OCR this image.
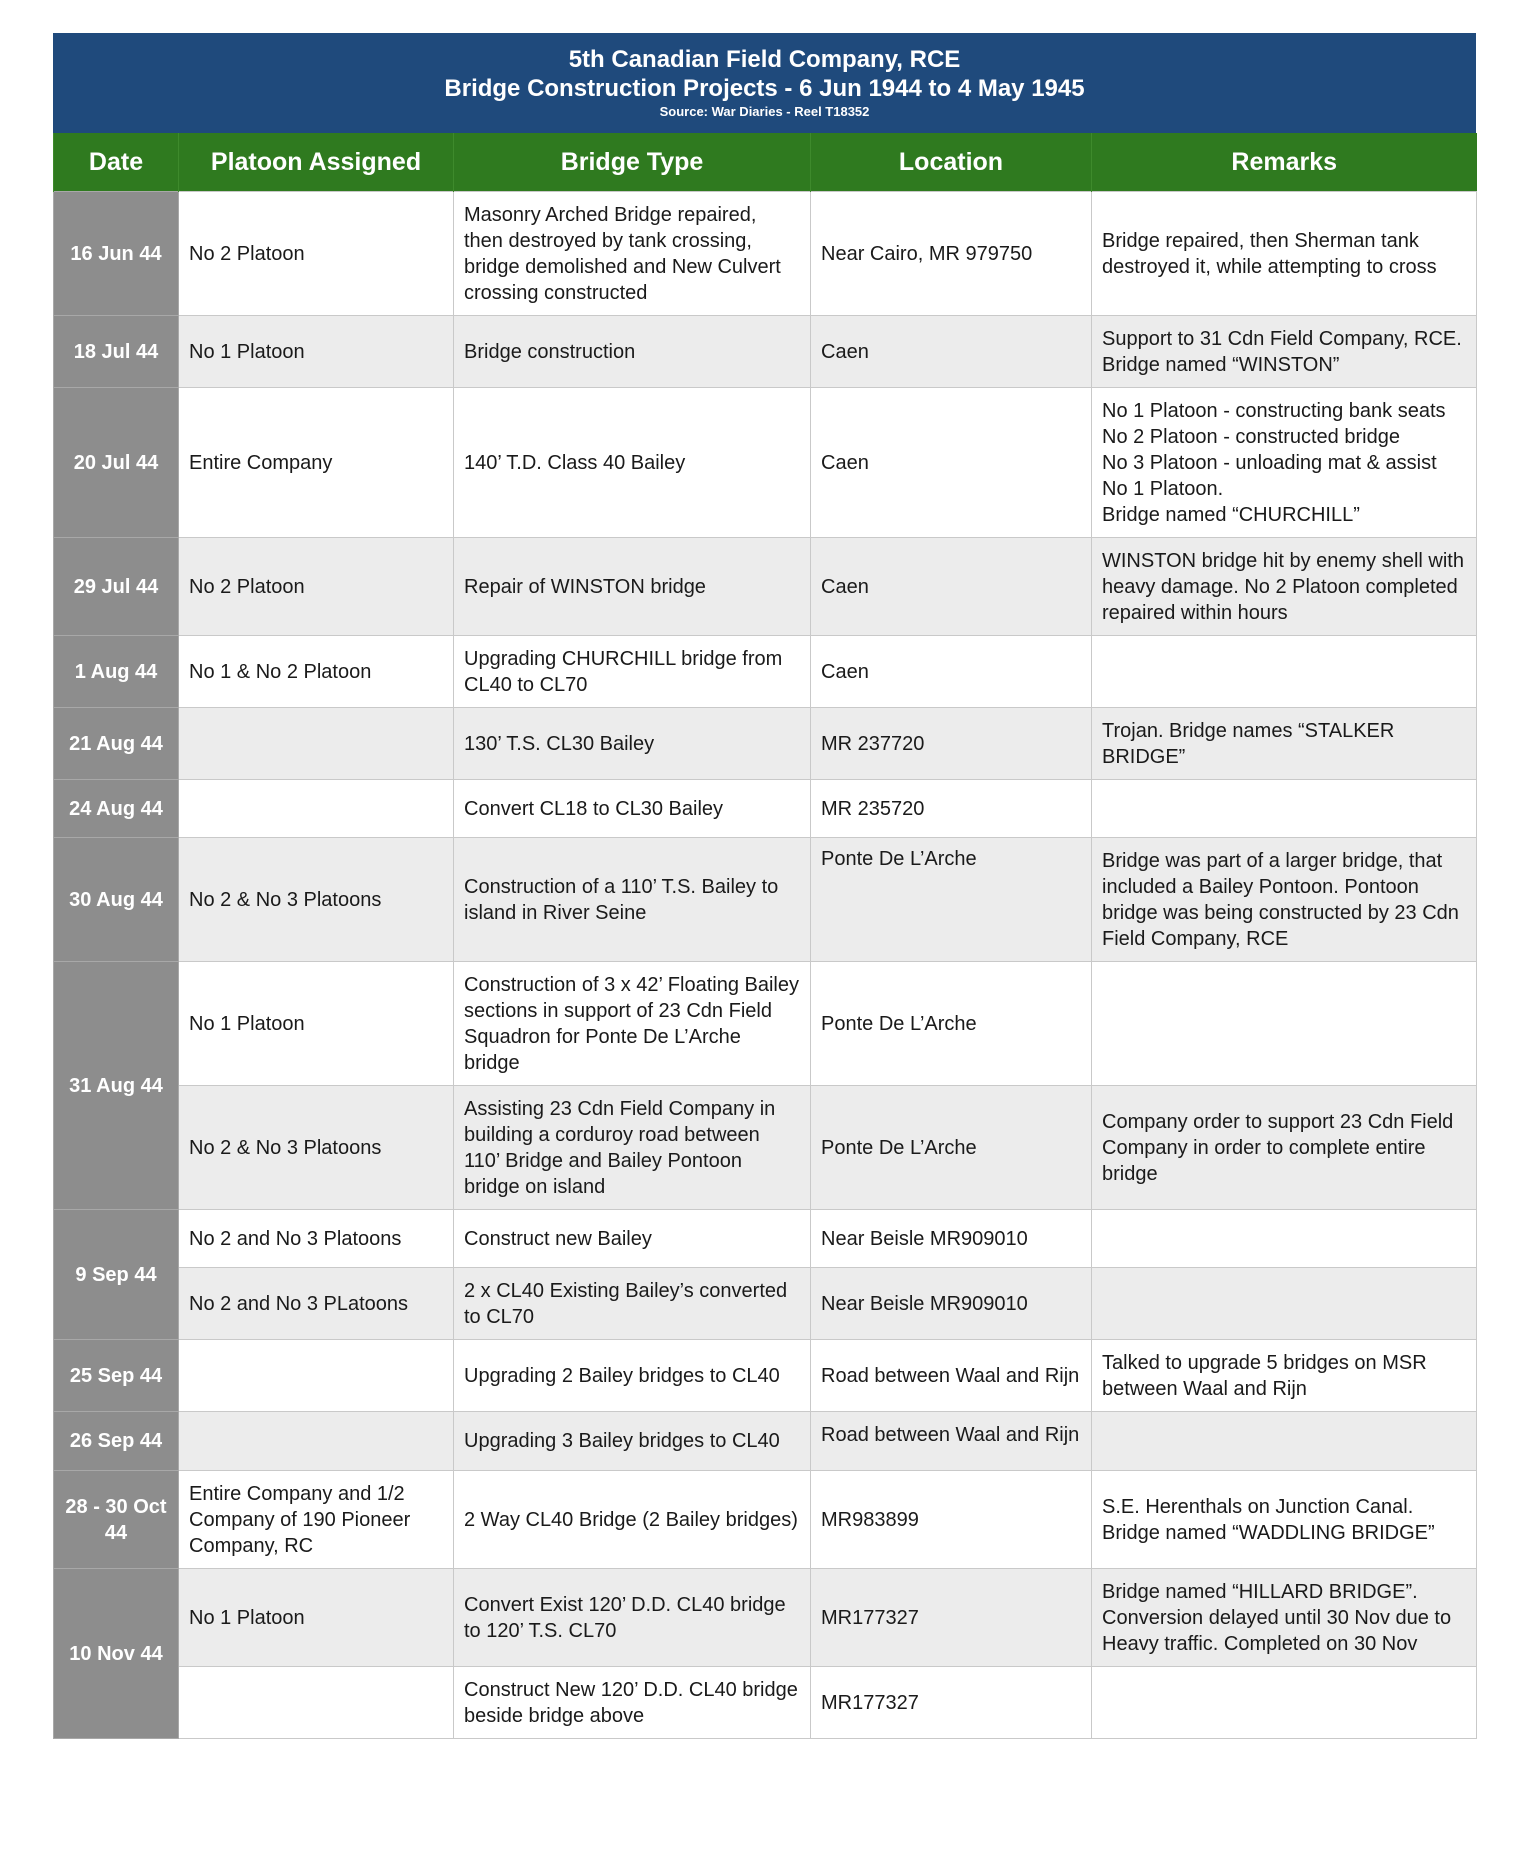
5th Canadian Field Company, RCE
Bridge Construction Projects - 6 Jun 1944 to 4 May 1945
Source: War Diaries - Reel T18352
Date	Platoon Assigned	Bridge Type	Location	Remarks
16 Jun 44	No 2 Platoon	Masonry Arched Bridge repaired, then destroyed by tank crossing, bridge demolished and New Culvert crossing constructed	Near Cairo, MR 979750	Bridge repaired, then Sherman tank destroyed it, while attempting to cross
18 Jul 44	No 1 Platoon	Bridge construction	Caen	Support to 31 Cdn Field Company, RCE. Bridge named “WINSTON”
20 Jul 44	Entire Company	140’ T.D. Class 40 Bailey	Caen	No 1 Platoon - constructing bank seats
No 2 Platoon - constructed bridge
No 3 Platoon - unloading mat & assist No 1 Platoon.
Bridge named “CHURCHILL”
29 Jul 44	No 2 Platoon	Repair of WINSTON bridge	Caen	WINSTON bridge hit by enemy shell with heavy damage. No 2 Platoon completed repaired within hours
1 Aug 44	No 1 & No 2 Platoon	Upgrading CHURCHILL bridge from CL40 to CL70	Caen	
21 Aug 44		130’ T.S. CL30 Bailey	MR 237720	Trojan. Bridge names “STALKER BRIDGE”
24 Aug 44		Convert CL18 to CL30 Bailey	MR 235720	
30 Aug 44	No 2 & No 3 Platoons	Construction of a 110’ T.S. Bailey to island in River Seine	Ponte De L’Arche	Bridge was part of a larger bridge, that included a Bailey Pontoon. Pontoon bridge was being constructed by 23 Cdn Field Company, RCE
31 Aug 44	No 1 Platoon	Construction of 3 x 42’ Floating Bailey sections in support of 23 Cdn Field Squadron for Ponte De L’Arche bridge	Ponte De L’Arche	
	No 2 & No 3 Platoons	Assisting 23 Cdn Field Company in building a corduroy road between 110’ Bridge and Bailey Pontoon bridge on island	Ponte De L’Arche	Company order to support 23 Cdn Field Company in order to complete entire bridge
9 Sep 44	No 2 and No 3 Platoons	Construct new Bailey	Near Beisle MR909010	
	No 2 and No 3 PLatoons	2 x CL40 Existing Bailey’s converted to CL70	Near Beisle MR909010	
25 Sep 44		Upgrading 2 Bailey bridges to CL40	Road between Waal and Rijn	Talked to upgrade 5 bridges on MSR between Waal and Rijn
26 Sep 44		Upgrading 3 Bailey bridges to CL40	Road between Waal and Rijn	

28 - 30 Oct 44	Entire Company and 1/2 Company of 190 Pioneer Company, RC	2 Way CL40 Bridge (2 Bailey bridges)	MR983899	S.E. Herenthals on Junction Canal. Bridge named “WADDLING BRIDGE”
10 Nov 44	No 1 Platoon	Convert Exist 120’ D.D. CL40 bridge to 120’ T.S. CL70	MR177327	Bridge named “HILLARD BRIDGE”. Conversion delayed until 30 Nov due to Heavy traffic. Completed on 30 Nov
		Construct New 120’ D.D. CL40 bridge beside bridge above	MR177327	
